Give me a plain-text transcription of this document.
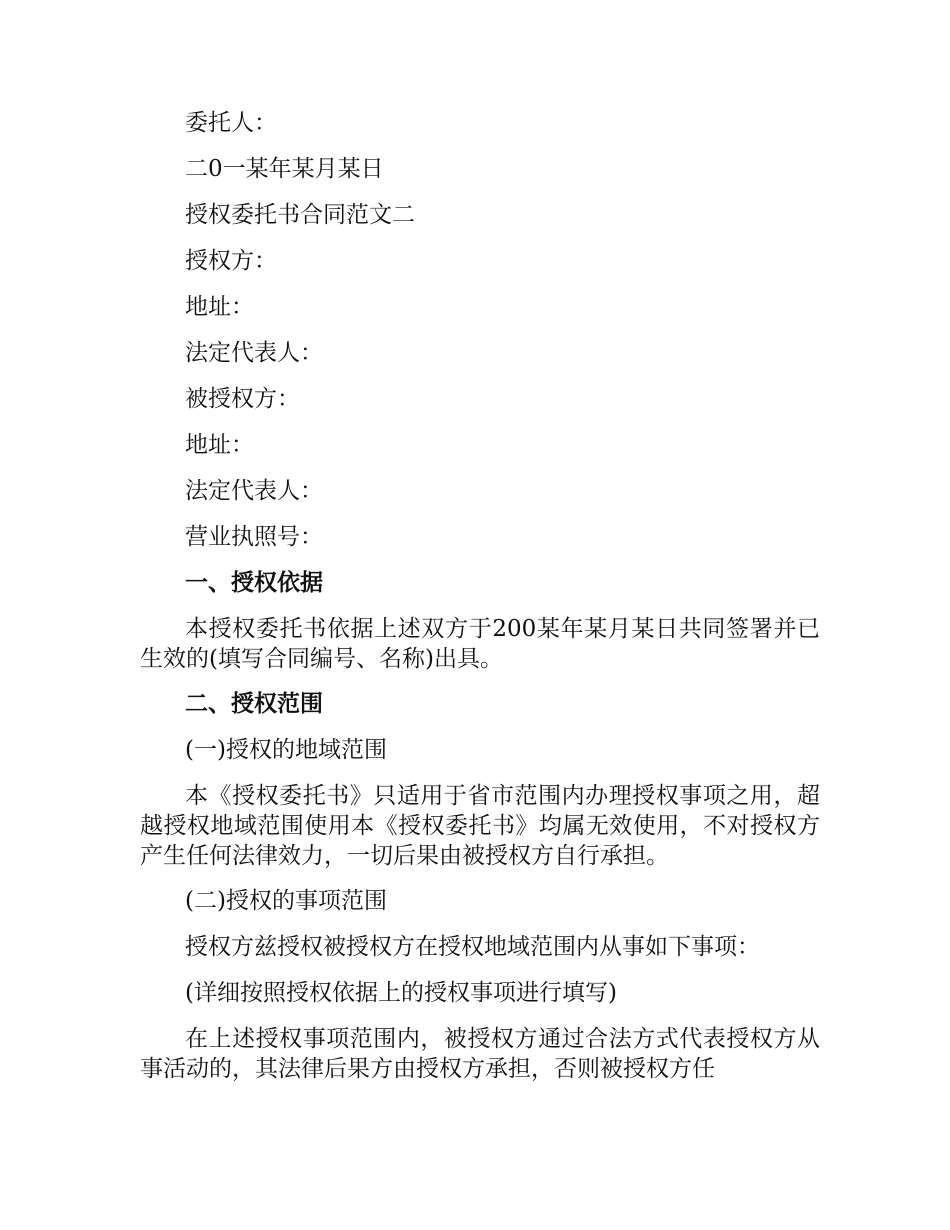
委托人：

二0一某年某月某日

授权委托书合同范文二

授权方：

地址：

法定代表人：

被授权方：

地址：

法定代表人：

营业执照号：

一、授权依据

本授权委托书依据上述双方于200某年某月某日共同签署并已生效的(填写合同编号、名称)出具。

二、授权范围

(一)授权的地域范围

本《授权委托书》只适用于省市范围内办理授权事项之用，超越授权地域范围使用本《授权委托书》均属无效使用，不对授权方产生任何法律效力，一切后果由被授权方自行承担。

(二)授权的事项范围

授权方兹授权被授权方在授权地域范围内从事如下事项：

(详细按照授权依据上的授权事项进行填写)

在上述授权事项范围内，被授权方通过合法方式代表授权方从事活动的，其法律后果方由授权方承担，否则被授权方任
